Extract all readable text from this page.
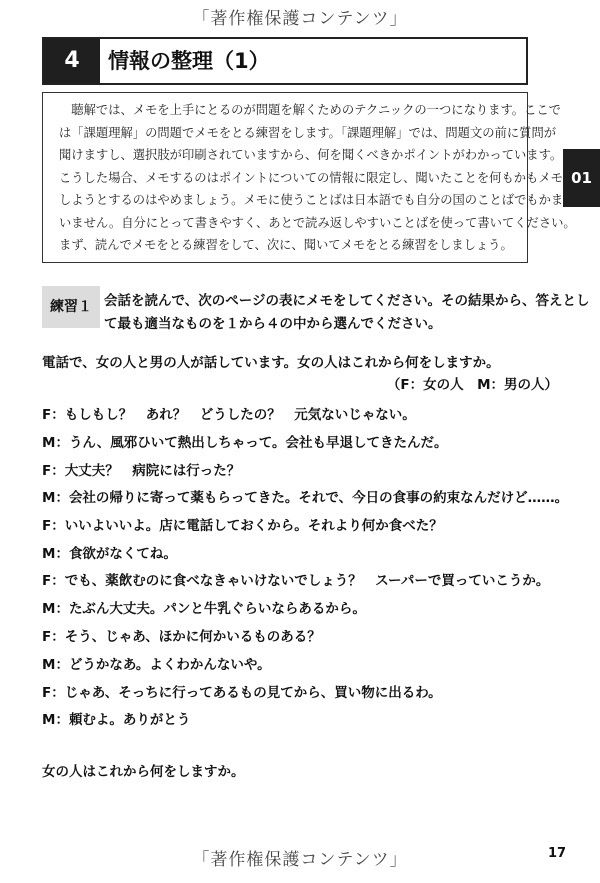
「著作権保護コンテンツ」
4	情報の整理（1）
01
　聴解では、メモを上手にとるのが問題を解くためのテクニックの一つになります。ここで
は「課題理解」の問題でメモをとる練習をします。「課題理解」では、問題文の前に質問が
聞けますし、選択肢が印刷されていますから、何を聞くべきかポイントがわかっています。
こうした場合、メモするのはポイントについての情報に限定し、聞いたことを何もかもメモ
しようとするのはやめましょう。メモに使うことばは日本語でも自分の国のことばでもかま
いません。自分にとって書きやすく、あとで読み返しやすいことばを使って書いてください。
まず、読んでメモをとる練習をして、次に、聞いてメモをとる練習をしましょう。
練習１ 会話を読んで、次のページの表にメモをしてください。その結果から、答えとし
て最も適当なものを１から４の中から選んでください。
電話で、女の人と男の人が話しています。女の人はこれから何をしますか。
（F：女の人　M：男の人）
F：もしもし？　あれ？　どうしたの？　元気ないじゃない。
M：うん、風邪ひいて熱出しちゃって。会社も早退してきたんだ。
F：大丈夫？　病院には行った？
M：会社の帰りに寄って薬もらってきた。それで、今日の食事の約束なんだけど……。
F：いいよいいよ。店に電話しておくから。それより何か食べた？
M：食欲がなくてね。
F：でも、薬飲むのに食べなきゃいけないでしょう？　スーパーで買っていこうか。
M：たぶん大丈夫。パンと牛乳ぐらいならあるから。
F：そう、じゃあ、ほかに何かいるものある？
M：どうかなあ。よくわかんないや。
F：じゃあ、そっちに行ってあるもの見てから、買い物に出るわ。
M：頼むよ。ありがとう
女の人はこれから何をしますか。
「著作権保護コンテンツ」	17
